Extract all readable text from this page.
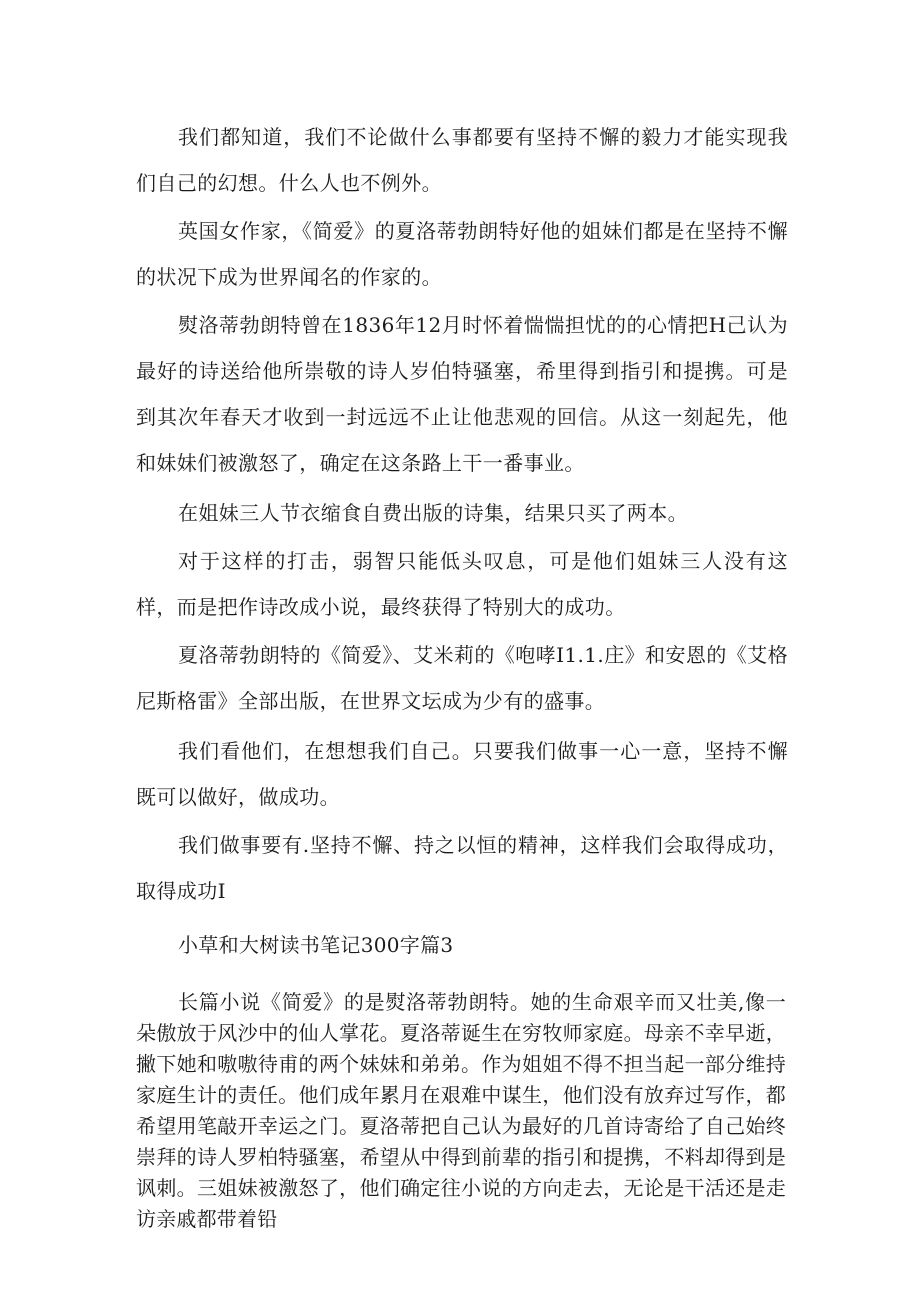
我们都知道，我们不论做什么事都要有坚持不懈的毅力才能实现我们自己的幻想。什么人也不例外。

英国女作家，《简爱》的夏洛蒂勃朗特好他的姐妹们都是在坚持不懈的状况下成为世界闻名的作家的。

熨洛蒂勃朗特曾在1836年12月时怀着惴惴担忧的的心情把H己认为最好的诗送给他所崇敬的诗人岁伯特骚塞，希里得到指引和提携。可是到其次年春天才收到一封远远不止让他悲观的回信。从这一刻起先，他和妹妹们被激怒了，确定在这条路上干一番事业。

在姐妹三人节衣缩食自费出版的诗集，结果只买了两本。

对于这样的打击，弱智只能低头叹息，可是他们姐妹三人没有这样，而是把作诗改成小说，最终获得了特别大的成功。

夏洛蒂勃朗特的《简爱》、艾米莉的《咆哮I1.1.庄》和安恩的《艾格尼斯格雷》全部出版，在世界文坛成为少有的盛事。

我们看他们，在想想我们自己。只要我们做事一心一意，坚持不懈既可以做好，做成功。

我们做事要有.坚持不懈、持之以恒的精神，这样我们会取得成功，取得成功I

小草和大树读书笔记300字篇3

长篇小说《简爱》的是熨洛蒂勃朗特。她的生命艰辛而又壮美,像一朵傲放于风沙中的仙人掌花。夏洛蒂诞生在穷牧师家庭。母亲不幸早逝，撇下她和嗷嗷待甫的两个妹妹和弟弟。作为姐姐不得不担当起一部分维持家庭生计的责任。他们成年累月在艰难中谋生，他们没有放弃过写作，都希望用笔敲开幸运之门。夏洛蒂把自己认为最好的几首诗寄给了自己始终崇拜的诗人罗柏特骚塞，希望从中得到前辈的指引和提携，不料却得到是讽刺。三姐妹被激怒了，他们确定往小说的方向走去，无论是干活还是走访亲戚都带着铅
